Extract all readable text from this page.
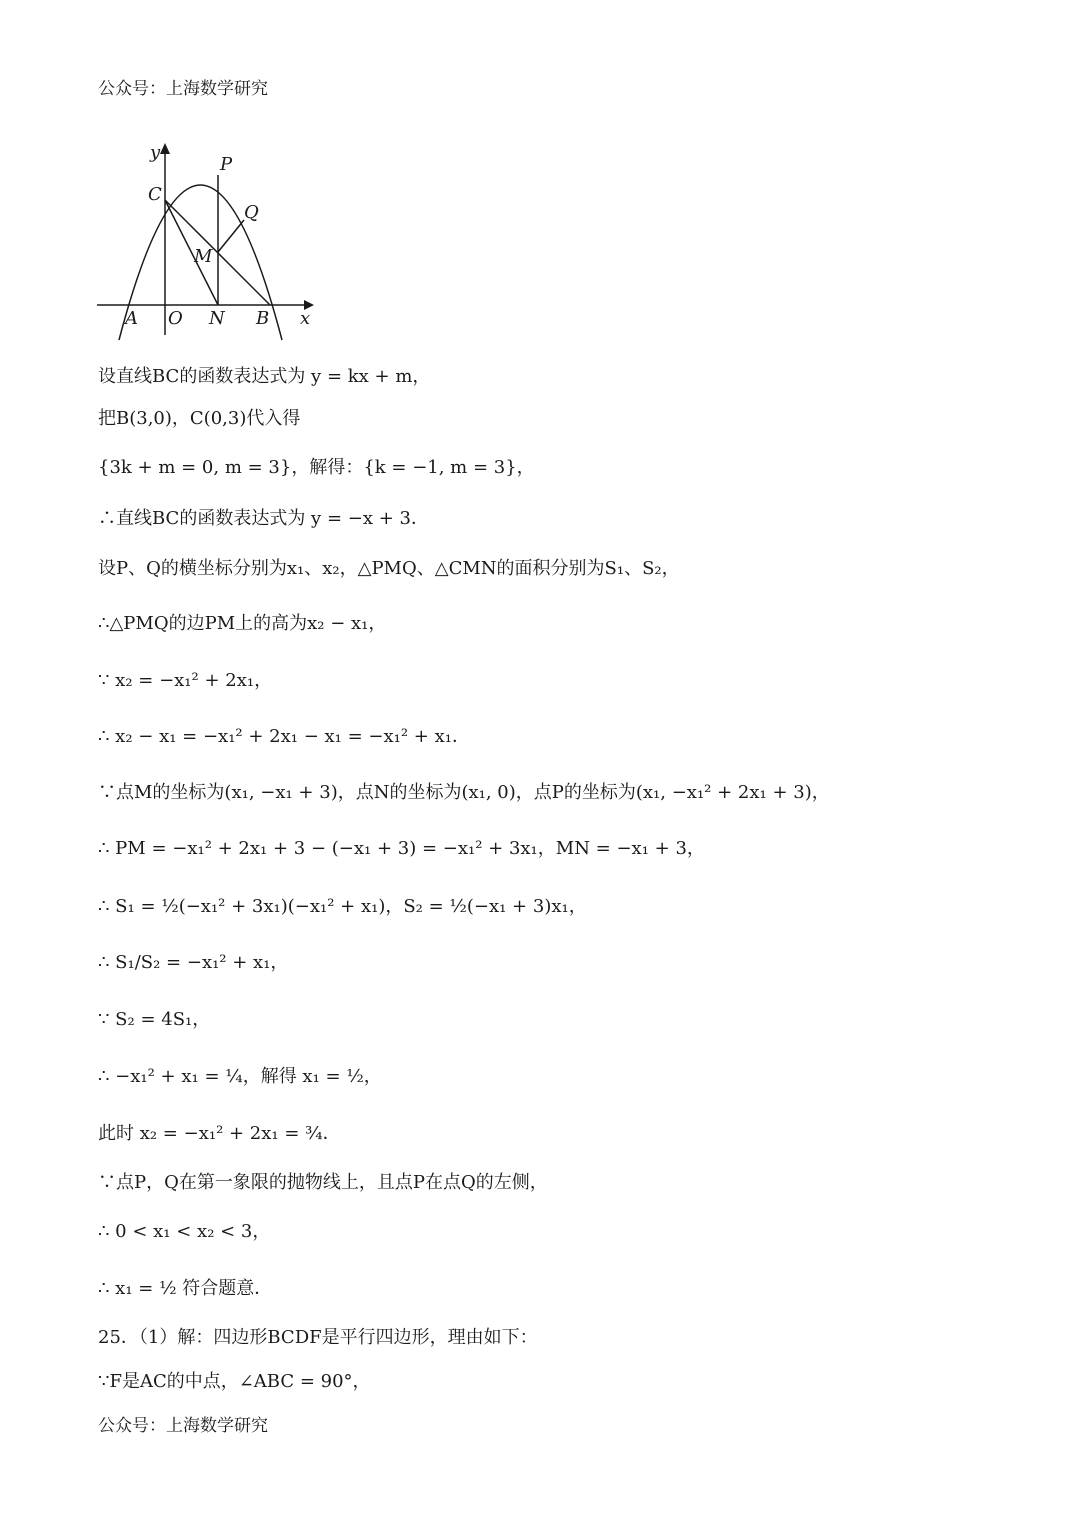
公众号：上海数学研究
y
x
P
C
Q
M
A O N B
设直线BC的函数表达式为 y = kx + m，
把B(3,0)，C(0,3)代入得
{3k + m = 0, m = 3}，解得：{k = −1, m = 3}，
∴直线BC的函数表达式为 y = −x + 3．
设P、Q的横坐标分别为x₁、x₂，△PMQ、△CMN的面积分别为S₁、S₂，
∴△PMQ的边PM上的高为x₂ − x₁，
∵ x₂ = −x₁² + 2x₁，
∴ x₂ − x₁ = −x₁² + 2x₁ − x₁ = −x₁² + x₁．
∵点M的坐标为(x₁, −x₁ + 3)，点N的坐标为(x₁, 0)，点P的坐标为(x₁, −x₁² + 2x₁ + 3)，
∴ PM = −x₁² + 2x₁ + 3 − (−x₁ + 3) = −x₁² + 3x₁，MN = −x₁ + 3，
∴ S₁ = ½(−x₁² + 3x₁)(−x₁² + x₁)，S₂ = ½(−x₁ + 3)x₁，
∴ S₁/S₂ = −x₁² + x₁，
∵ S₂ = 4S₁，
∴ −x₁² + x₁ = ¼，解得 x₁ = ½，
此时 x₂ = −x₁² + 2x₁ = ¾．
∵点P，Q在第一象限的抛物线上，且点P在点Q的左侧，
∴ 0 < x₁ < x₂ < 3，
∴ x₁ = ½ 符合题意．
25．（1）解：四边形BCDF是平行四边形，理由如下：
∵F是AC的中点，∠ABC = 90°，
公众号：上海数学研究
